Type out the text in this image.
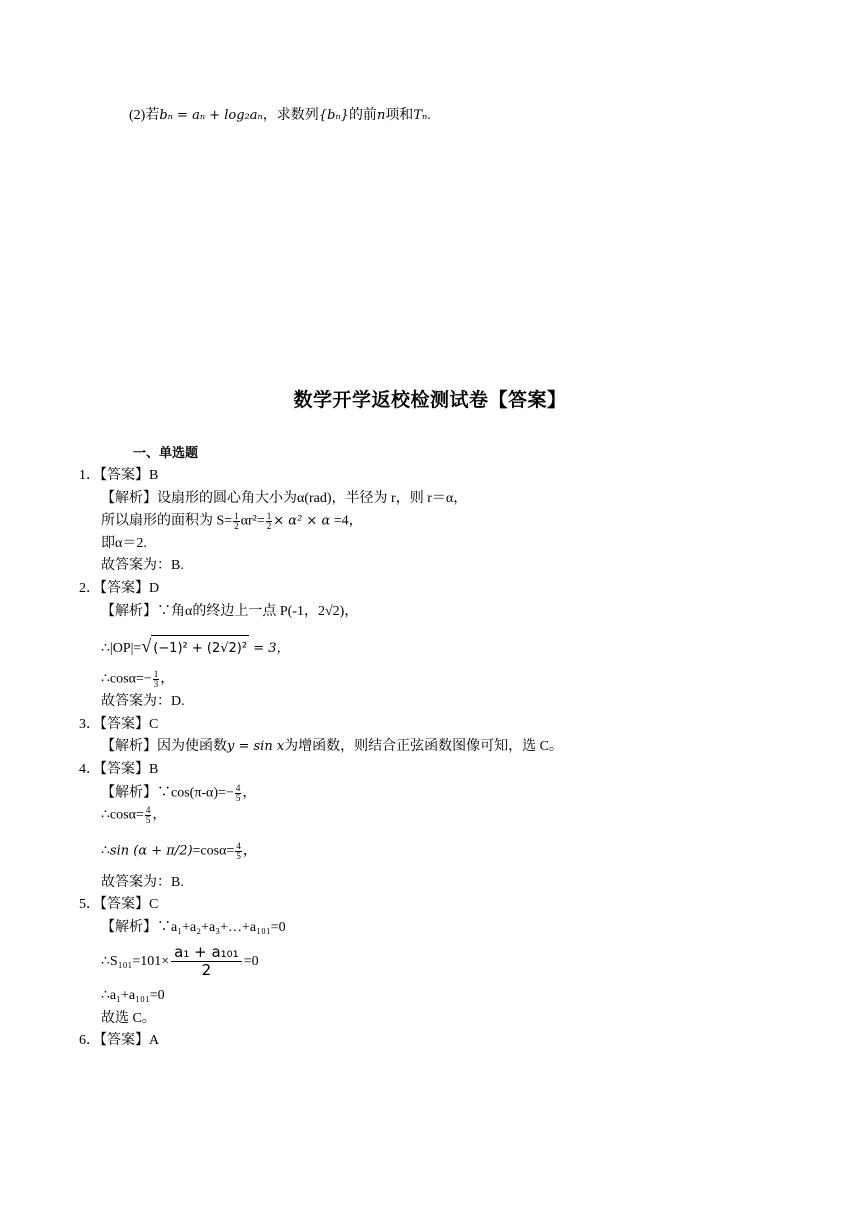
(2)若bₙ = aₙ + log₂aₙ，求数列{bₙ}的前n项和Tₙ.
数学开学返校检测试卷【答案】
一、单选题
1．【答案】B
【解析】设扇形的圆心角大小为α(rad)，半径为 r，则 r＝α，
所以扇形的面积为 $S= \frac{1}{2} \alpha r^2= \frac{1}{2} \times \alpha^2 \times \alpha =4$，
即α＝2.
故答案为：B.
2．【答案】D
【解析】∵角α的终边上一点 P(-1，2√2)，
∴|OP|=√ (−1)² + (2√2)² = 3，
∴cosα=− $\frac{1}{3}$ ，
故答案为：D.
3．【答案】C
【解析】因为使函数y = sin x为增函数，则结合正弦函数图像可知，选 C。
4．【答案】B
【解析】∵cos(π-α)=− $\frac{4}{5}$ ，
∴cosα= $\frac{4}{5}$ ，
∴sin $(\alpha + \pi/2)=\cos\alpha= \frac{4}{5}$ ，
故答案为：B.
5．【答案】C
【解析】∵a₁+a₂+a₃+…+a₁₀₁=0
∴S₁₀₁=101× $\frac{\text{a₁ + a₁₀₁}}{2} =0$
∴a₁+a₁₀₁=0
故选 C。
6．【答案】A
